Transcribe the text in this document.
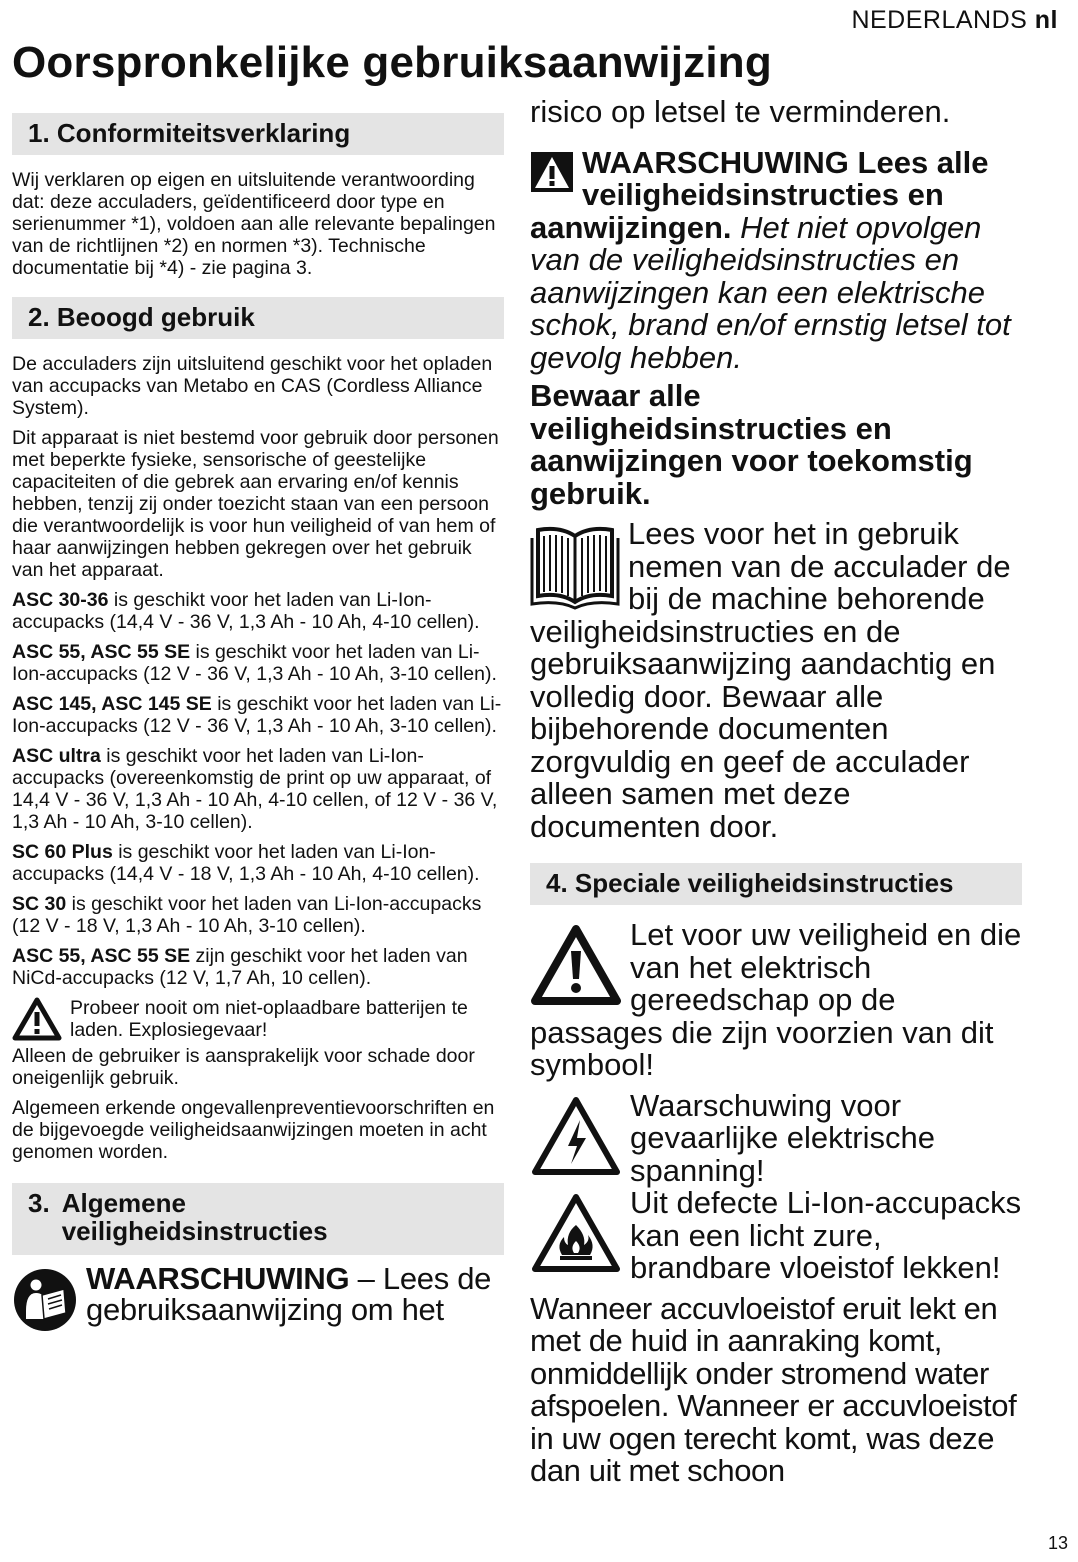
NEDERLANDS nl
Oorspronkelijke gebruiksaanwijzing
1. Conformiteitsverklaring

Wij verklaren op eigen en uitsluitende verantwoording dat: deze acculaders, geïdentificeerd door type en serienummer *1), voldoen aan alle relevante bepalingen van de richtlijnen *2) en normen *3). Technische documentatie bij *4) - zie pagina 3.

2. Beoogd gebruik

De acculaders zijn uitsluitend geschikt voor het opladen van accupacks van Metabo en CAS (Cordless Alliance System).

Dit apparaat is niet bestemd voor gebruik door personen met beperkte fysieke, sensorische of geestelijke capaciteiten of die gebrek aan ervaring en/of kennis hebben, tenzij zij onder toezicht staan van een persoon die verantwoordelijk is voor hun veiligheid of van hem of haar aanwijzingen hebben gekregen over het gebruik van het apparaat.

ASC 30-36 is geschikt voor het laden van Li-Ion-accupacks (14,4 V - 36 V, 1,3 Ah - 10 Ah, 4-10 cellen).

ASC 55, ASC 55 SE is geschikt voor het laden van Li-Ion-accupacks (12 V - 36 V, 1,3 Ah - 10 Ah, 3-10 cellen).

ASC 145, ASC 145 SE is geschikt voor het laden van Li-Ion-accupacks (12 V - 36 V, 1,3 Ah - 10 Ah, 3-10 cellen).

ASC ultra is geschikt voor het laden van Li-Ion-accupacks (overeenkomstig de print op uw apparaat, of 14,4 V - 36 V, 1,3 Ah - 10 Ah, 4-10 cellen, of 12 V - 36 V, 1,3 Ah - 10 Ah, 3-10 cellen).

SC 60 Plus is geschikt voor het laden van Li-Ion-accupacks (14,4 V - 18 V, 1,3 Ah - 10 Ah, 4-10 cellen).

SC 30 is geschikt voor het laden van Li-Ion-accupacks (12 V - 18 V, 1,3 Ah - 10 Ah, 3-10 cellen).

ASC 55, ASC 55 SE zijn geschikt voor het laden van NiCd-accupacks (12 V, 1,7 Ah, 10 cellen).

Probeer nooit om niet-oplaadbare batterijen te laden. Explosiegevaar!

Alleen de gebruiker is aansprakelijk voor schade door oneigenlijk gebruik.

Algemeen erkende ongevallenpreventievoorschriften en de bijgevoegde veiligheidsaanwijzingen moeten in acht genomen worden.

3. Algemene
veiligheidsinstructies
WAARSCHUWING – Lees de gebruiksaanwijzing om het

risico op letsel te verminderen.

WAARSCHUWING Lees alle veiligheidsinstructies en aanwijzingen. Het niet opvolgen van de veiligheidsinstructies en aanwijzingen kan een elektrische schok, brand en/of ernstig letsel tot gevolg hebben.

Bewaar alle veiligheidsinstructies en aanwijzingen voor toekomstig gebruik.

Lees voor het in gebruik nemen van de acculader de bij de machine behorende veiligheidsinstructies en de gebruiksaanwijzing aandachtig en volledig door. Bewaar alle bijbehorende documenten zorgvuldig en geef de acculader alleen samen met deze documenten door.

4. Speciale veiligheidsinstructies

Let voor uw veiligheid en die van het elektrisch gereedschap op de passages die zijn voorzien van dit symbool!

Waarschuwing voor gevaarlijke elektrische spanning!

Uit defecte Li-Ion-accupacks kan een licht zure, brandbare vloeistof lekken!

Wanneer accuvloeistof eruit lekt en met de huid in aanraking komt, onmiddellijk onder stromend water afspoelen. Wanneer er accuvloeistof in uw ogen terecht komt, was deze dan uit met schoon

13
